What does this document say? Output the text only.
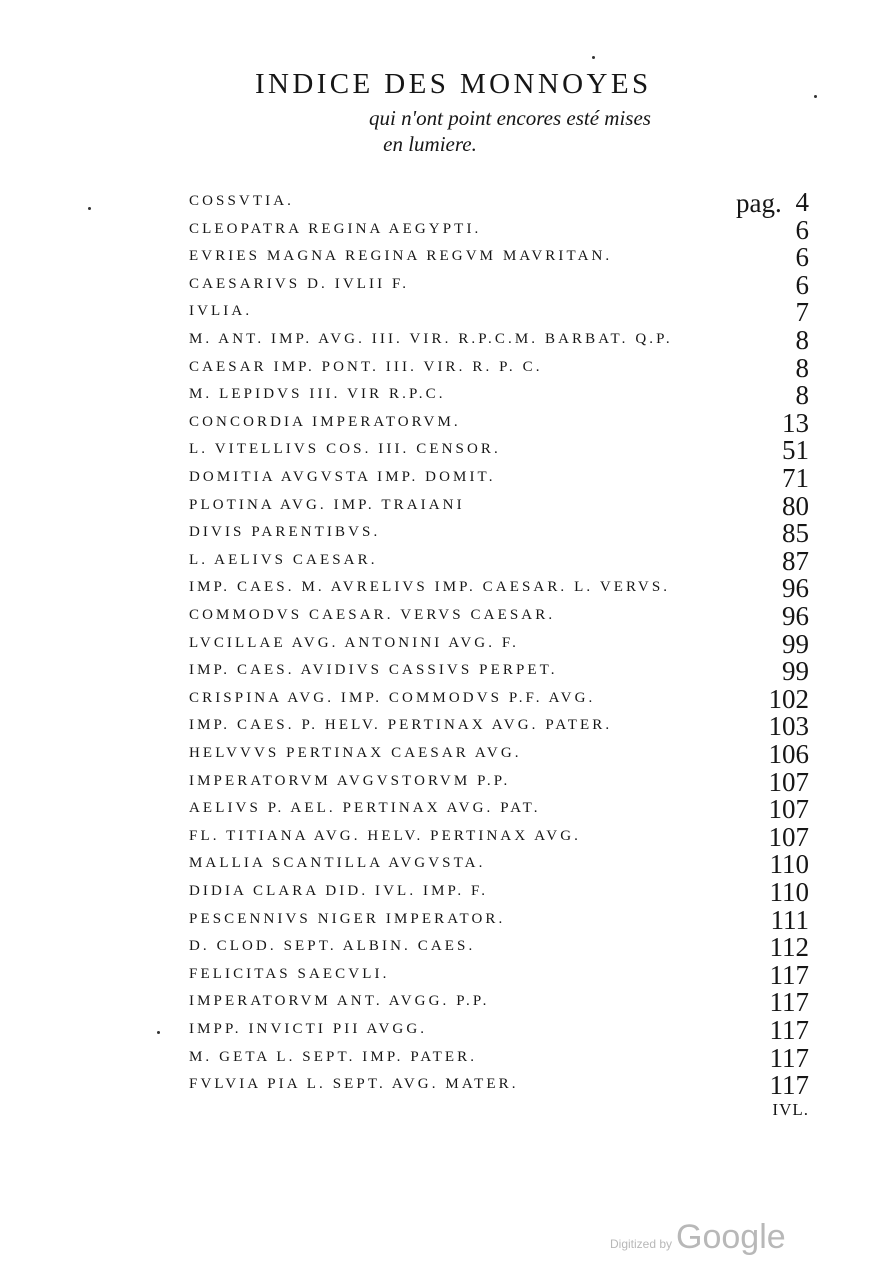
INDICE DES MONNOYES
qui n'ont point encores esté mises
en lumiere.
pag.
COSSVTIA.	4
CLEOPATRA REGINA AEGYPTI.	6
EVRIES MAGNA REGINA REGVM MAVRITAN.	6
CAESARIVS D. IVLII F.	6
IVLIA.	7
M. ANT. IMP. AVG. III. VIR. R.P.C.M. BARBAT. Q.P.	8
CAESAR IMP. PONT. III. VIR. R. P. C.	8
M. LEPIDVS III. VIR R.P.C.	8
CONCORDIA IMPERATORVM.	13
L. VITELLIVS COS. III. CENSOR.	51
DOMITIA AVGVSTA IMP. DOMIT.	71
PLOTINA AVG. IMP. TRAIANI	80
DIVIS PARENTIBVS.	85
L. AELIVS CAESAR.	87
IMP. CAES. M. AVRELIVS IMP. CAESAR. L. VERVS.	96
COMMODVS CAESAR. VERVS CAESAR.	96
LVCILLAE AVG. ANTONINI AVG. F.	99
IMP. CAES. AVIDIVS CASSIVS PERPET.	99
CRISPINA AVG. IMP. COMMODVS P.F. AVG.	102
IMP. CAES. P. HELV. PERTINAX AVG. PATER.	103
HELVVVS PERTINAX CAESAR AVG.	106
IMPERATORVM AVGVSTORVM P.P.	107
AELIVS P. AEL. PERTINAX AVG. PAT.	107
FL. TITIANA AVG. HELV. PERTINAX AVG.	107
MALLIA SCANTILLA AVGVSTA.	110
DIDIA CLARA DID. IVL. IMP. F.	110
PESCENNIVS NIGER IMPERATOR.	111
D. CLOD. SEPT. ALBIN. CAES.	112
FELICITAS SAECVLI.	117
IMPERATORVM ANT. AVGG. P.P.	117
IMPP. INVICTI PII AVGG.	117
M. GETA L. SEPT. IMP. PATER.	117
FVLVIA PIA L. SEPT. AVG. MATER.	117
IVL.
Digitized by Google
